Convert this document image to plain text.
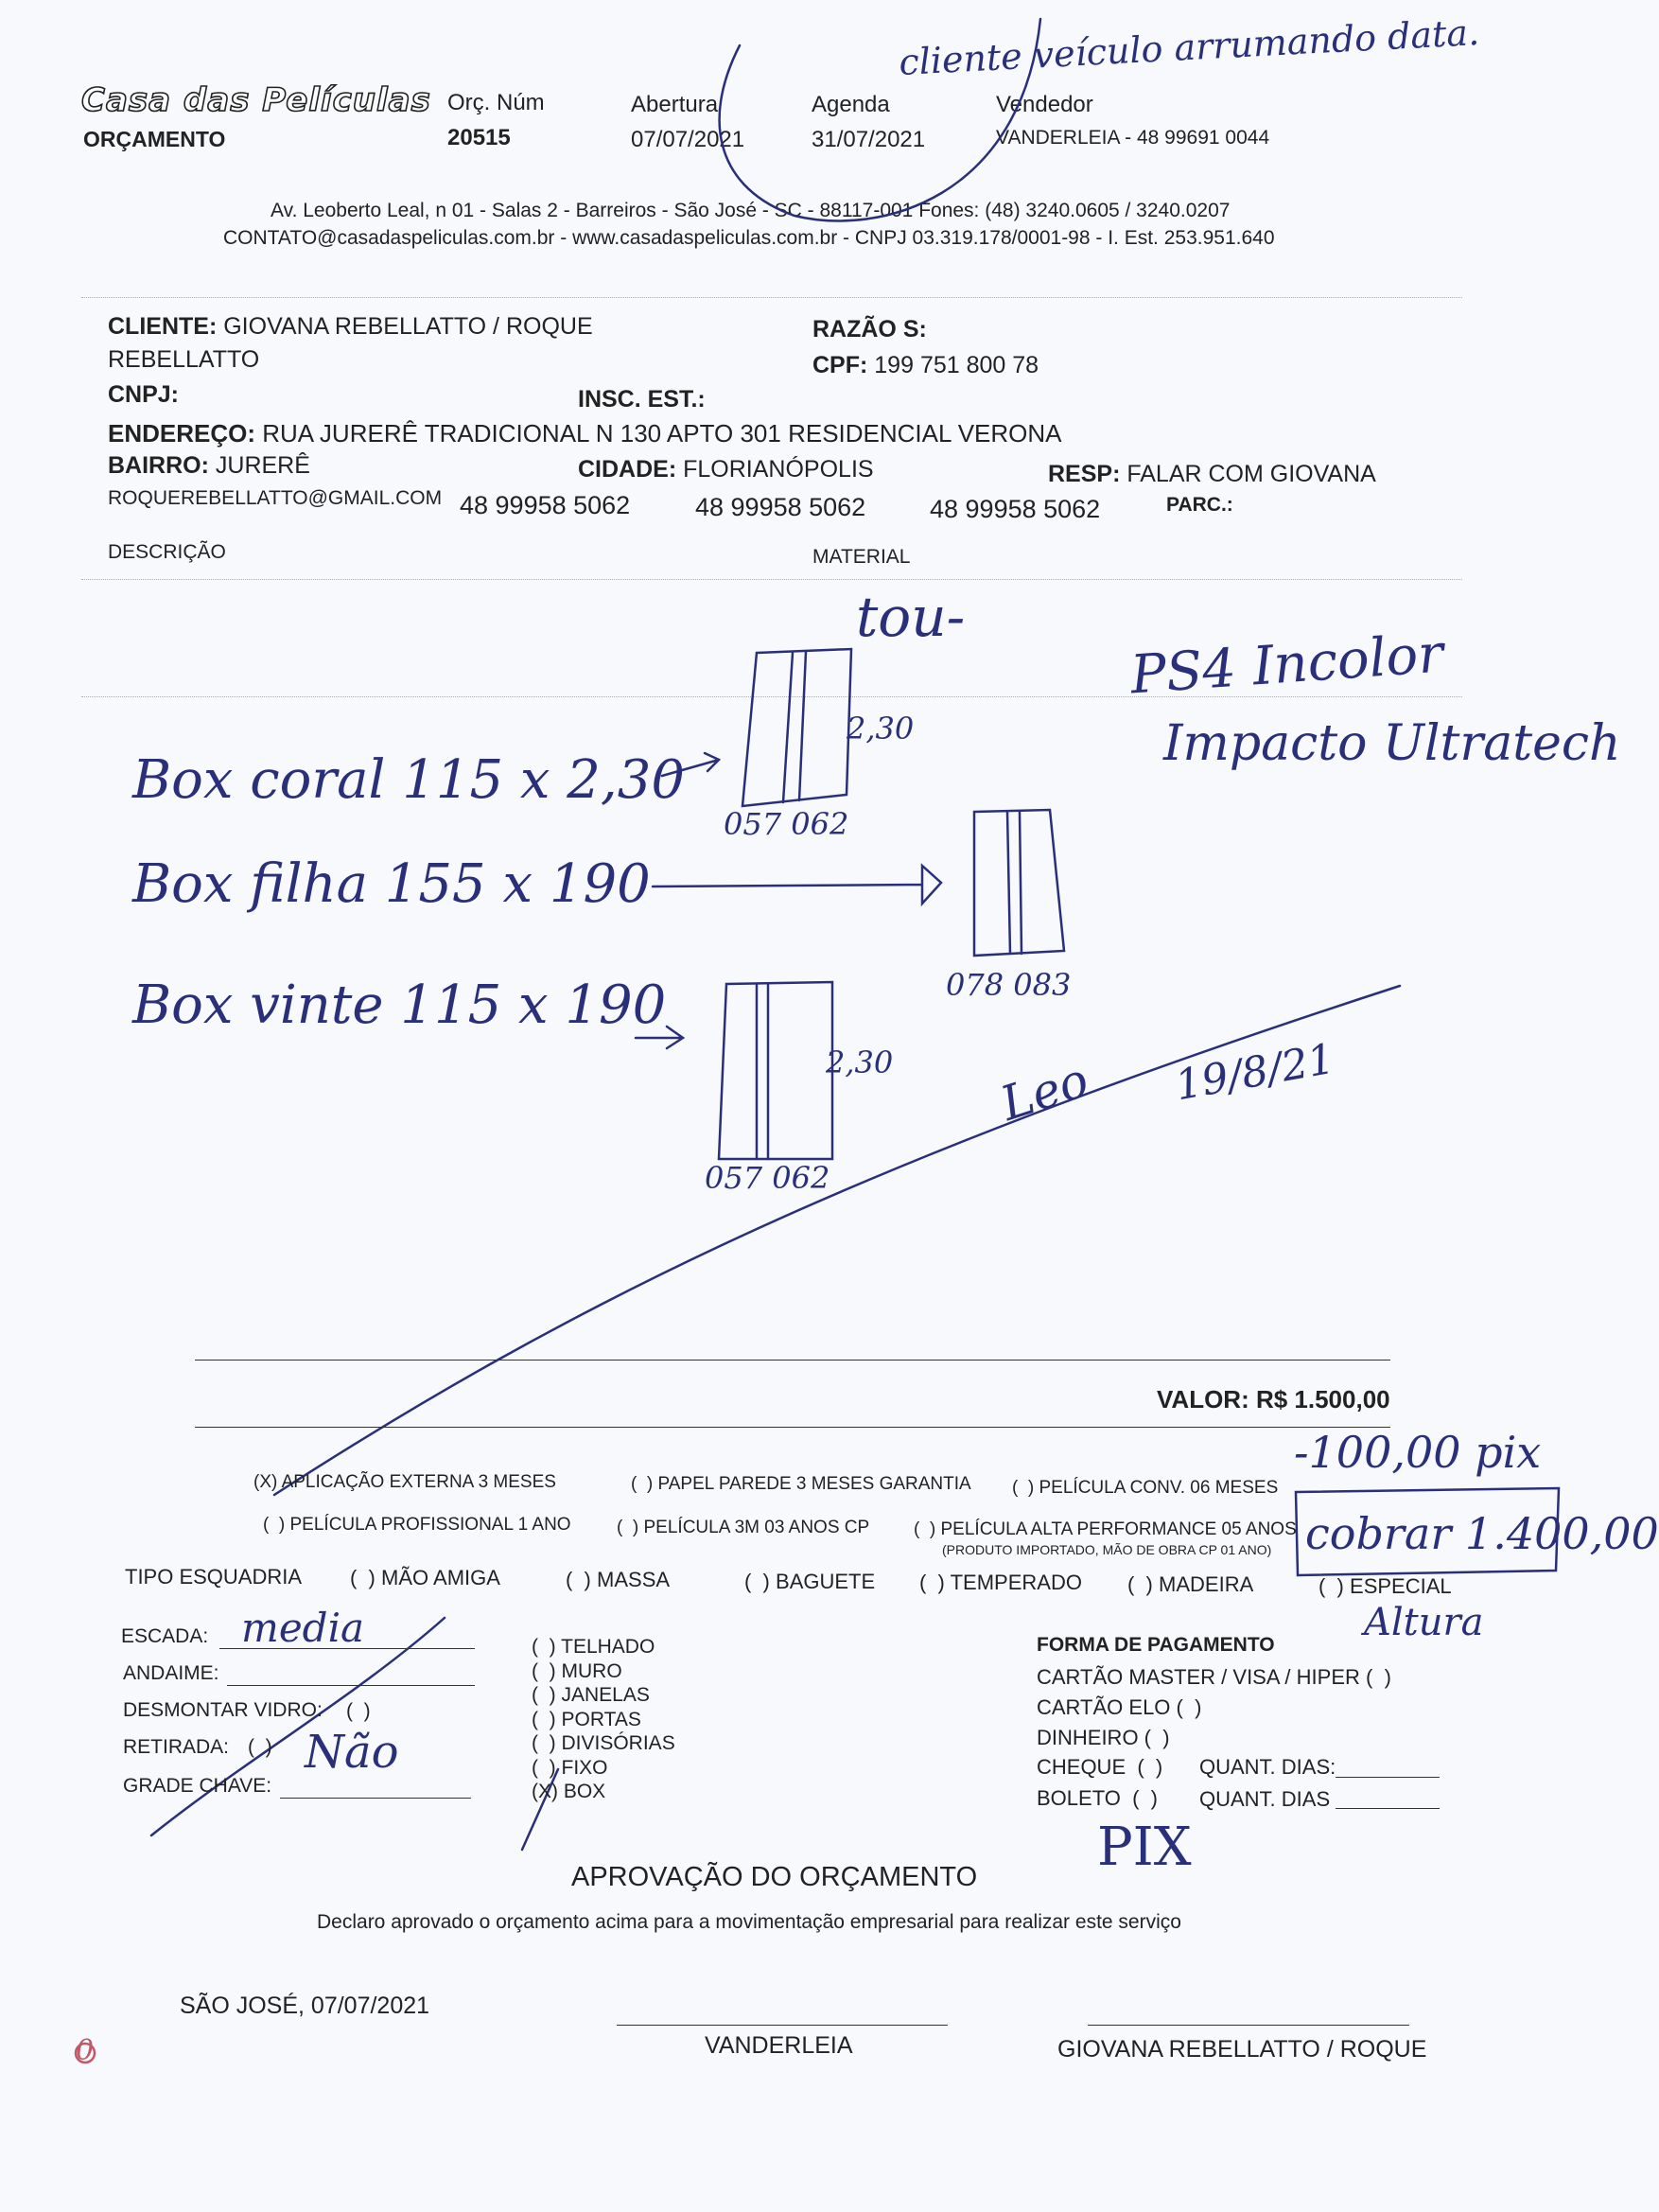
Casa das Películas
ORÇAMENTO
Orç. Núm
20515
Abertura
07/07/2021
Agenda
31/07/2021
Vendedor
VANDERLEIA - 48 99691 0044
Av. Leoberto Leal, n 01 - Salas 2 - Barreiros - São José - SC - 88117-001 Fones: (48) 3240.0605 / 3240.0207
CONTATO@casadaspeliculas.com.br - www.casadaspeliculas.com.br - CNPJ 03.319.178/0001-98 - I. Est. 253.951.640
CLIENTE: GIOVANA REBELLATTO / ROQUE
REBELLATTO
RAZÃO S:
CPF: 199 751 800 78
CNPJ:	INSC. EST.:
ENDEREÇO: RUA JURERÊ TRADICIONAL N 130 APTO 301 RESIDENCIAL VERONA
BAIRRO: JURERÊ	CIDADE: FLORIANÓPOLIS	RESP: FALAR COM GIOVANA
ROQUEREBELLATTO@GMAIL.COM 48 99958 5062	48 99958 5062	48 99958 5062	PARC.:
DESCRIÇÃO	MATERIAL
cliente veículo arrumando data.
tou-
PS4 Incolor
Impacto Ultratech
Box coral 115 x 2,30
Box filha 155 x 190
Box vinte 115 x 190
2,30
057 062
078 083
2,30
057 062
Leo 19/8/21
VALOR: R$ 1.500,00
-100,00 pix
cobrar 1.400,00
(X) APLICAÇÃO EXTERNA 3 MESES	(  ) PAPEL PAREDE 3 MESES GARANTIA (  ) PELÍCULA CONV. 06 MESES
(  ) PELÍCULA PROFISSIONAL 1 ANO	(  ) PELÍCULA 3M 03 ANOS CP (  ) PELÍCULA ALTA PERFORMANCE 05 ANOS
(PRODUTO IMPORTADO, MÃO DE OBRA CP 01 ANO)
TIPO ESQUADRIA (  ) MÃO AMIGA	(  ) MASSA	(  ) BAGUETE (  ) TEMPERADO (  ) MADEIRA	(  ) ESPECIAL
Altura
ESCADA: media
ANDAIME:
DESMONTAR VIDRO: (  )
RETIRADA: (  ) Não
GRADE CHAVE:
(  ) TELHADO
(  ) MURO
(  ) JANELAS
(  ) PORTAS
(  ) DIVISÓRIAS
(  ) FIXO
(X) BOX
FORMA DE PAGAMENTO
CARTÃO MASTER / VISA / HIPER (  )
CARTÃO ELO (  )
DINHEIRO (  )
CHEQUE  (  ) QUANT. DIAS:
BOLETO  (  ) QUANT. DIAS
PIX
APROVAÇÃO DO ORÇAMENTO
Declaro aprovado o orçamento acima para a movimentação empresarial para realizar este serviço
SÃO JOSÉ, 07/07/2021
VANDERLEIA	GIOVANA REBELLATTO / ROQUE
0
